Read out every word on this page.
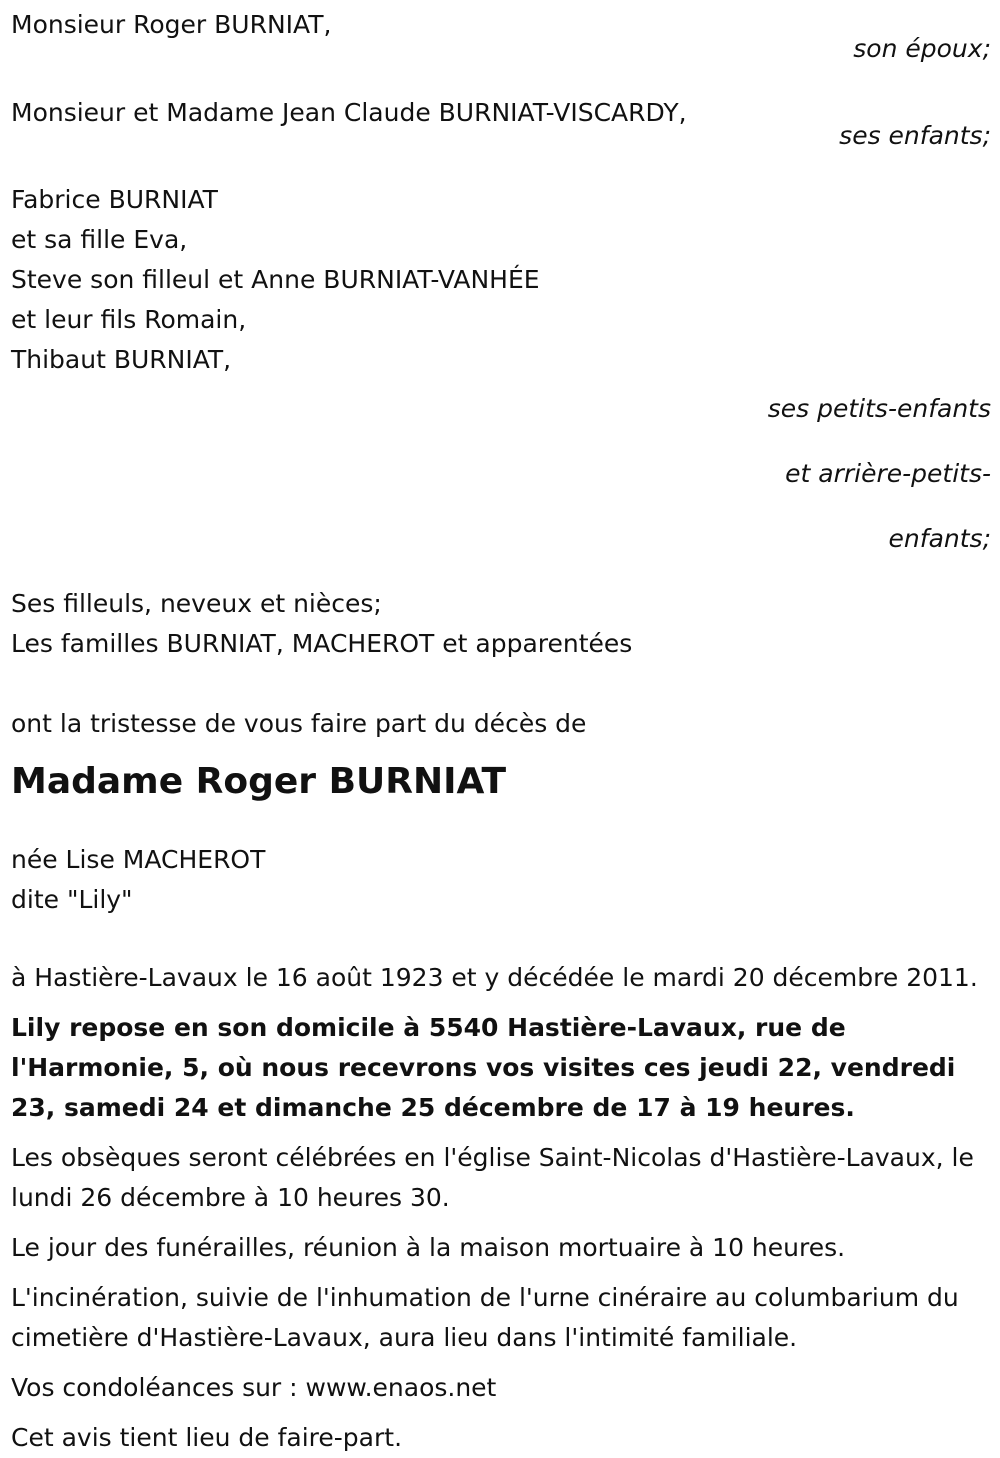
Monsieur Roger BURNIAT,

son époux;

Monsieur et Madame Jean Claude BURNIAT-VISCARDY,

ses enfants;

Fabrice BURNIAT

et sa fille Eva,

Steve son filleul et Anne BURNIAT-VANHÉE

et leur fils Romain,

Thibaut BURNIAT,

ses petits-enfants

et arrière-petits-

enfants;

Ses filleuls, neveux et nièces;

Les familles BURNIAT, MACHEROT et apparentées

ont la tristesse de vous faire part du décès de

Madame Roger BURNIAT

née Lise MACHEROT

dite "Lily"

à Hastière-Lavaux le 16 août 1923 et y décédée le mardi 20 décembre 2011.

Lily repose en son domicile à 5540 Hastière-Lavaux, rue de l'Harmonie, 5, où nous recevrons vos visites ces jeudi 22, vendredi 23, samedi 24 et dimanche 25 décembre de 17 à 19 heures.

Les obsèques seront célébrées en l'église Saint-Nicolas d'Hastière-Lavaux, le lundi 26 décembre à 10 heures 30.

Le jour des funérailles, réunion à la maison mortuaire à 10 heures.

L'incinération, suivie de l'inhumation de l'urne cinéraire au columbarium du cimetière d'Hastière-Lavaux, aura lieu dans l'intimité familiale.

Vos condoléances sur : www.enaos.net

Cet avis tient lieu de faire-part.
